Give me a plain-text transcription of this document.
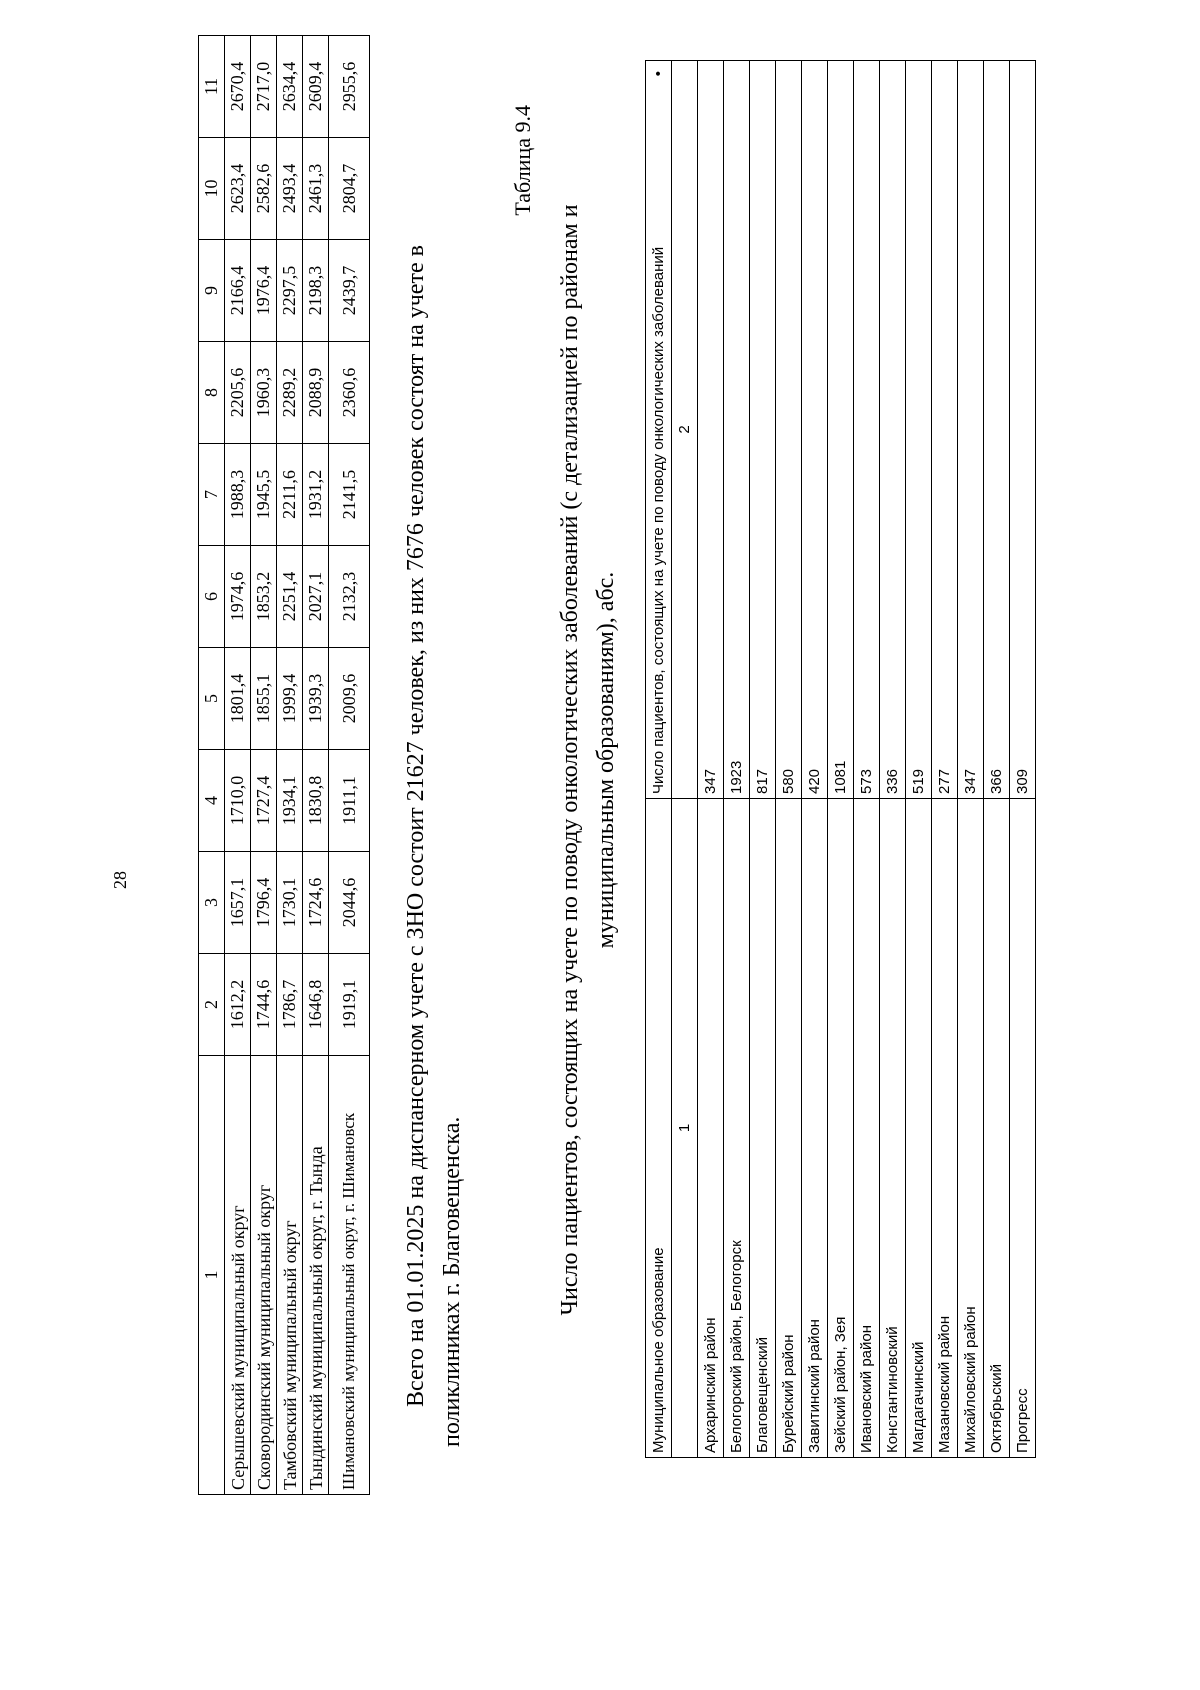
28
1	2	3	4	5	6	7	8	9	10	11
Серышевский муниципальный округ	1612,2	1657,1	1710,0	1801,4	1974,6	1988,3	2205,6	2166,4	2623,4	2670,4
Сковородинский муниципальный округ	1744,6	1796,4	1727,4	1855,1	1853,2	1945,5	1960,3	1976,4	2582,6	2717,0
Тамбовский муниципальный округ	1786,7	1730,1	1934,1	1999,4	2251,4	2211,6	2289,2	2297,5	2493,4	2634,4
Тындинский муниципальный округ, г. Тында	1646,8	1724,6	1830,8	1939,3	2027,1	1931,2	2088,9	2198,3	2461,3	2609,4
Шимановский муниципальный округ, г. Шимановск	1919,1	2044,6	1911,1	2009,6	2132,3	2141,5	2360,6	2439,7	2804,7	2955,6

Всего на 01.01.2025 на диспансерном учете с ЗНО состоит 21627 человек, из них 7676 человек состоят на учете в поликлиниках г. Благовещенска.

Таблица 9.4

Число пациентов, состоящих на учете по поводу онкологических заболеваний (с детализацией по районам и муниципальным образованиям), абс.

Муниципальное образование	Число пациентов, состоящих на учете по поводу онкологических заболеваний
•

1	2
Архаринский район	347
Белогорский район, Белогорск	1923
Благовещенский	817
Бурейский район	580
Завитинский район	420
Зейский район, Зея	1081
Ивановский район	573
Константиновский	336
Магдагачинский	519
Мазановский район	277
Михайловский район	347
Октябрьский	366
Прогресс	309
